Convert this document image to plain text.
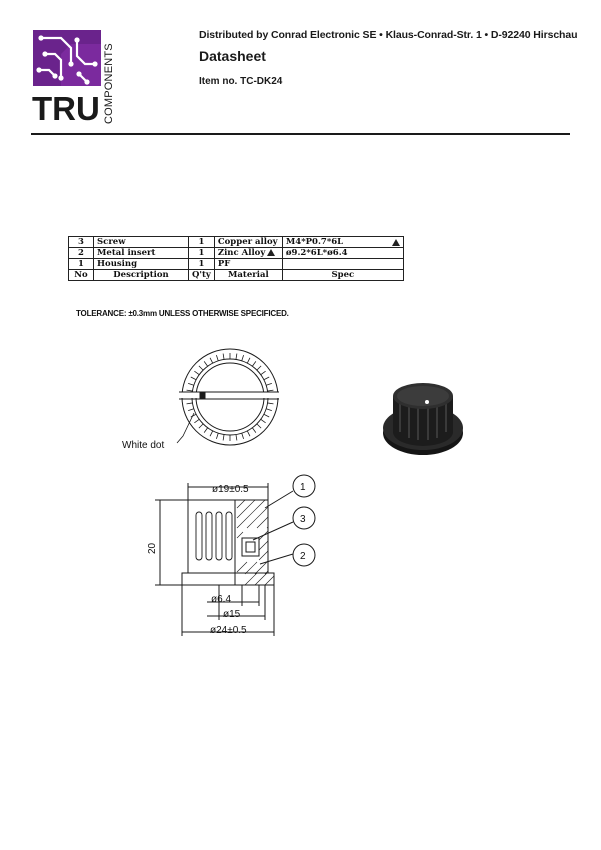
TRU COMPONENTS
Distributed by Conrad Electronic SE • Klaus-Conrad-Str. 1 • D-92240 Hirschau
Datasheet
Item no. TC-DK24
3	Screw	1	Copper alloy	M4*P0.7*6L

2	Metal insert	1	Zinc Alloy	ø9.2*6L*ø6.4
1	Housing	1	PF	
No	Description	Q'ty	Material	Spec
TOLERANCE: ±0.3mm UNLESS OTHERWISE SPECIFICED.
White dot
ø19±0.5
20
ø6.4
ø15
ø24±0.5
1
3
2
